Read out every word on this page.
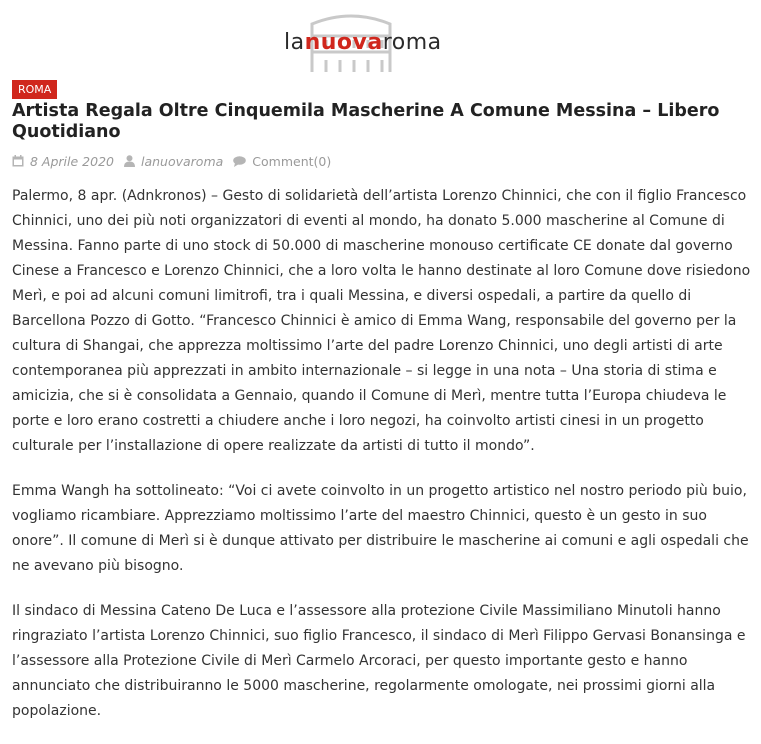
lanuovaroma
ROMA
Artista Regala Oltre Cinquemila Mascherine A Comune Messina – Libero Quotidiano
8 Aprile 2020 lanuovaroma Comment(0)

Palermo, 8 apr. (Adnkronos) – Gesto di solidarietà dell’artista Lorenzo Chinnici, che con il figlio Francesco Chinnici, uno dei più noti organizzatori di eventi al mondo, ha donato 5.000 mascherine al Comune di Messina. Fanno parte di uno stock di 50.000 di mascherine monouso certificate CE donate dal governo Cinese a Francesco e Lorenzo Chinnici, che a loro volta le hanno destinate al loro Comune dove risiedono Merì, e poi ad alcuni comuni limitrofi, tra i quali Messina, e diversi ospedali, a partire da quello di Barcellona Pozzo di Gotto. “Francesco Chinnici è amico di Emma Wang, responsabile del governo per la cultura di Shangai, che apprezza moltissimo l’arte del padre Lorenzo Chinnici, uno degli artisti di arte contemporanea più apprezzati in ambito internazionale – si legge in una nota – Una storia di stima e amicizia, che si è consolidata a Gennaio, quando il Comune di Merì, mentre tutta l’Europa chiudeva le porte e loro erano costretti a chiudere anche i loro negozi, ha coinvolto artisti cinesi in un progetto culturale per l’installazione di opere realizzate da artisti di tutto il mondo”.

Emma Wangh ha sottolineato: “Voi ci avete coinvolto in un progetto artistico nel nostro periodo più buio, vogliamo ricambiare. Apprezziamo moltissimo l’arte del maestro Chinnici, questo è un gesto in suo onore”. Il comune di Merì si è dunque attivato per distribuire le mascherine ai comuni e agli ospedali che ne avevano più bisogno.

Il sindaco di Messina Cateno De Luca e l’assessore alla protezione Civile Massimiliano Minutoli hanno ringraziato l’artista Lorenzo Chinnici, suo figlio Francesco, il sindaco di Merì Filippo Gervasi Bonansinga e l’assessore alla Protezione Civile di Merì Carmelo Arcoraci, per questo importante gesto e hanno annunciato che distribuiranno le 5000 mascherine, regolarmente omologate, nei prossimi giorni alla popolazione.
